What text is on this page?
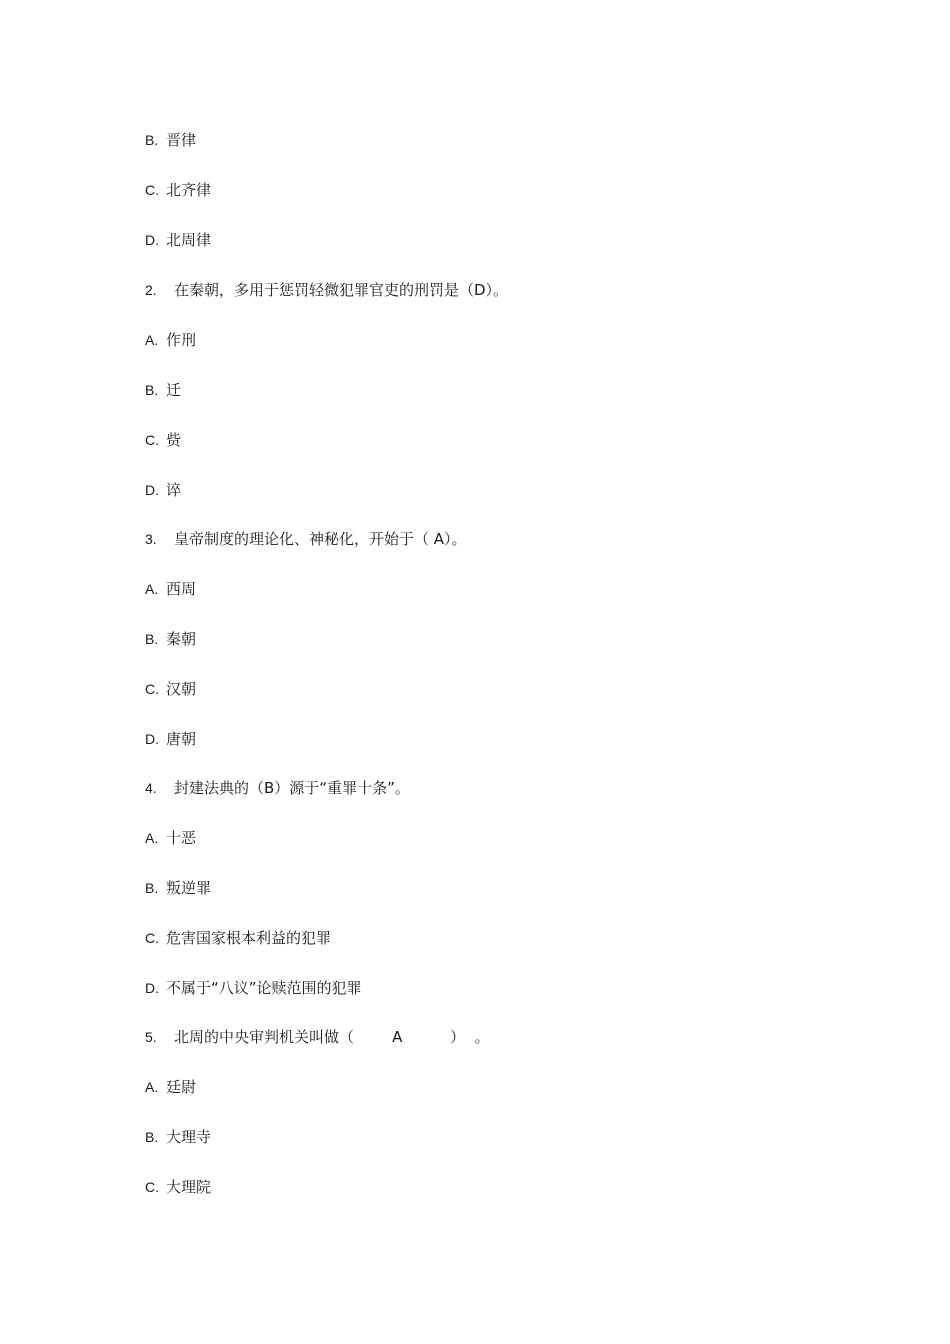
B. 晋律
C. 北齐律
D. 北周律
2. 在秦朝，多用于惩罚轻微犯罪官吏的刑罚是（D）。
A. 作刑
B. 迁
C. 赀
D. 谇
3. 皇帝制度的理论化、神秘化，开始于（ A）。
A. 西周
B. 秦朝
C. 汉朝
D. 唐朝
4. 封建法典的（B）源于“重罪十条”。
A. 十恶
B. 叛逆罪
C. 危害国家根本利益的犯罪
D. 不属于“八议”论赎范围的犯罪
5. 北周的中央审判机关叫做（        A          ）  。
A. 廷尉
B. 大理寺
C. 大理院
